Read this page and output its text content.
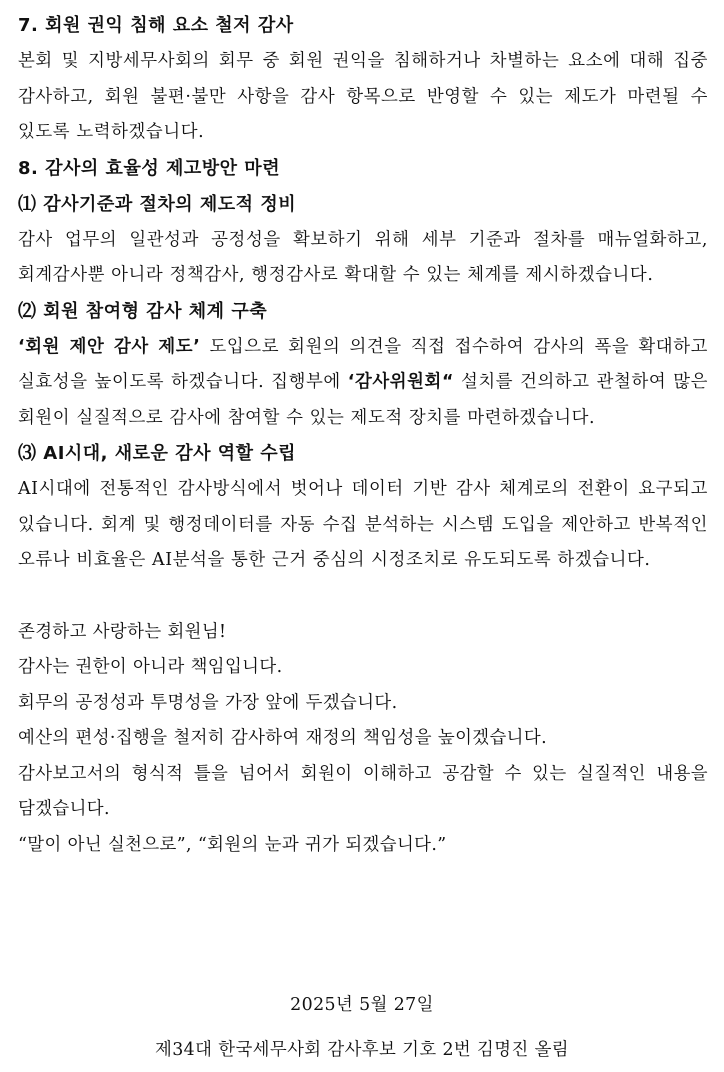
7. 회원 권익 침해 요소 철저 감사

본회 및 지방세무사회의 회무 중 회원 권익을 침해하거나 차별하는 요소에 대해 집중 감사하고, 회원 불편·불만 사항을 감사 항목으로 반영할 수 있는 제도가 마련될 수 있도록 노력하겠습니다.

8. 감사의 효율성 제고방안 마련
⑴ 감사기준과 절차의 제도적 정비

감사 업무의 일관성과 공정성을 확보하기 위해 세부 기준과 절차를 매뉴얼화하고, 회계감사뿐 아니라 정책감사, 행정감사로 확대할 수 있는 체계를 제시하겠습니다.

⑵ 회원 참여형 감사 체계 구축

‘회원 제안 감사 제도’ 도입으로 회원의 의견을 직접 접수하여 감사의 폭을 확대하고 실효성을 높이도록 하겠습니다. 집행부에 ‘감사위원회“ 설치를 건의하고 관철하여 많은 회원이 실질적으로 감사에 참여할 수 있는 제도적 장치를 마련하겠습니다.

⑶ AI시대, 새로운 감사 역할 수립

AI시대에 전통적인 감사방식에서 벗어나 데이터 기반 감사 체계로의 전환이 요구되고 있습니다. 회계 및 행정데이터를 자동 수집 분석하는 시스템 도입을 제안하고 반복적인 오류나 비효율은 AI분석을 통한 근거 중심의 시정조치로 유도되도록 하겠습니다.

존경하고 사랑하는 회원님!
감사는 권한이 아니라 책임입니다.
회무의 공정성과 투명성을 가장 앞에 두겠습니다.
예산의 편성·집행을 철저히 감사하여 재정의 책임성을 높이겠습니다.
감사보고서의 형식적 틀을 넘어서 회원이 이해하고 공감할 수 있는 실질적인 내용을 담겠습니다.
“말이 아닌 실천으로”, “회원의 눈과 귀가 되겠습니다.”
2025년 5월 27일
제34대 한국세무사회 감사후보 기호 2번 김명진 올림
